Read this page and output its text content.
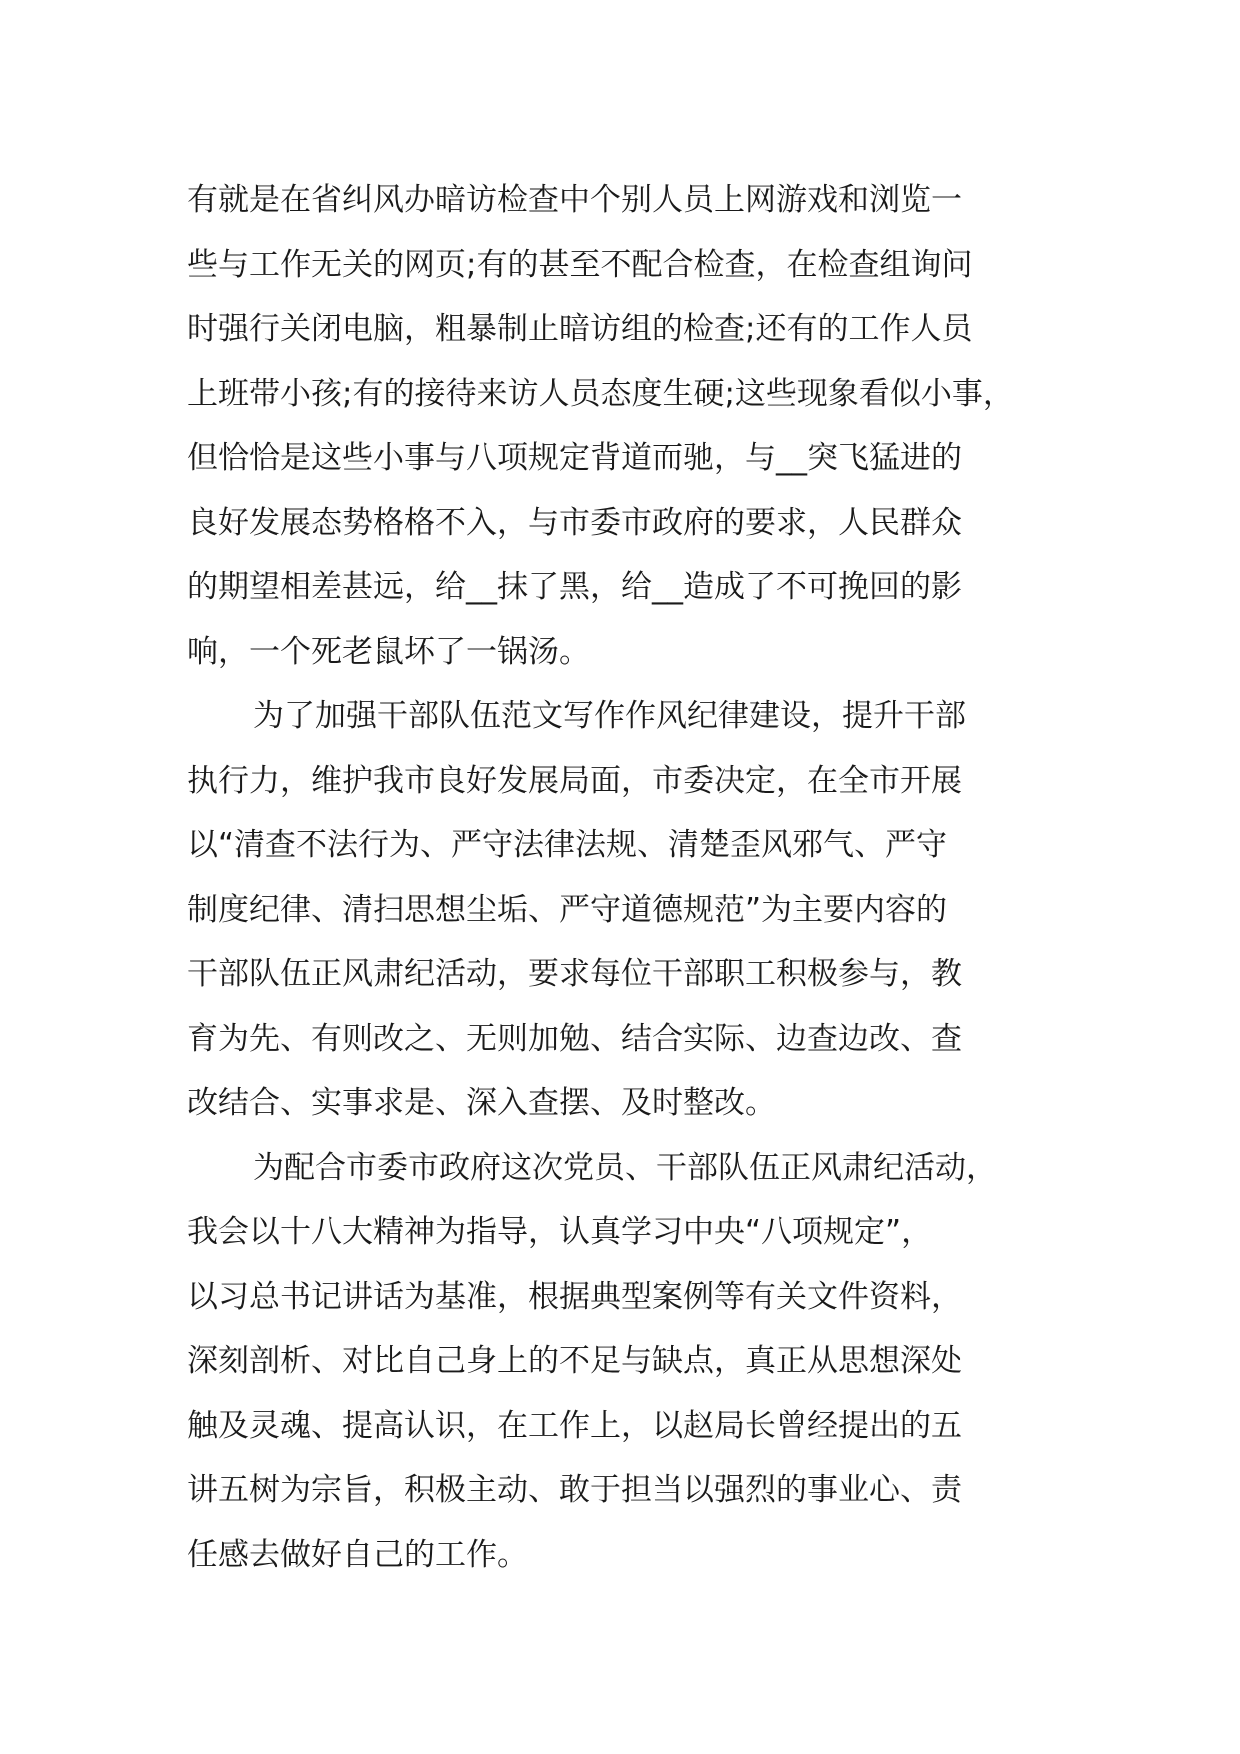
有就是在省纠风办暗访检查中个别人员上网游戏和浏览一
些与工作无关的网页;有的甚至不配合检查，在检查组询问
时强行关闭电脑，粗暴制止暗访组的检查;还有的工作人员
上班带小孩;有的接待来访人员态度生硬;这些现象看似小事，
但恰恰是这些小事与八项规定背道而驰，与__突飞猛进的
良好发展态势格格不入，与市委市政府的要求，人民群众
的期望相差甚远，给__抹了黑，给__造成了不可挽回的影
响，一个死老鼠坏了一锅汤。
为了加强干部队伍范文写作作风纪律建设，提升干部
执行力，维护我市良好发展局面，市委决定，在全市开展
以“清查不法行为、严守法律法规、清楚歪风邪气、严守
制度纪律、清扫思想尘垢、严守道德规范”为主要内容的
干部队伍正风肃纪活动，要求每位干部职工积极参与，教
育为先、有则改之、无则加勉、结合实际、边查边改、查
改结合、实事求是、深入查摆、及时整改。
为配合市委市政府这次党员、干部队伍正风肃纪活动，
我会以十八大精神为指导，认真学习中央“八项规定”，
以习总书记讲话为基准，根据典型案例等有关文件资料，
深刻剖析、对比自己身上的不足与缺点，真正从思想深处
触及灵魂、提高认识，在工作上，以赵局长曾经提出的五
讲五树为宗旨，积极主动、敢于担当以强烈的事业心、责
任感去做好自己的工作。
